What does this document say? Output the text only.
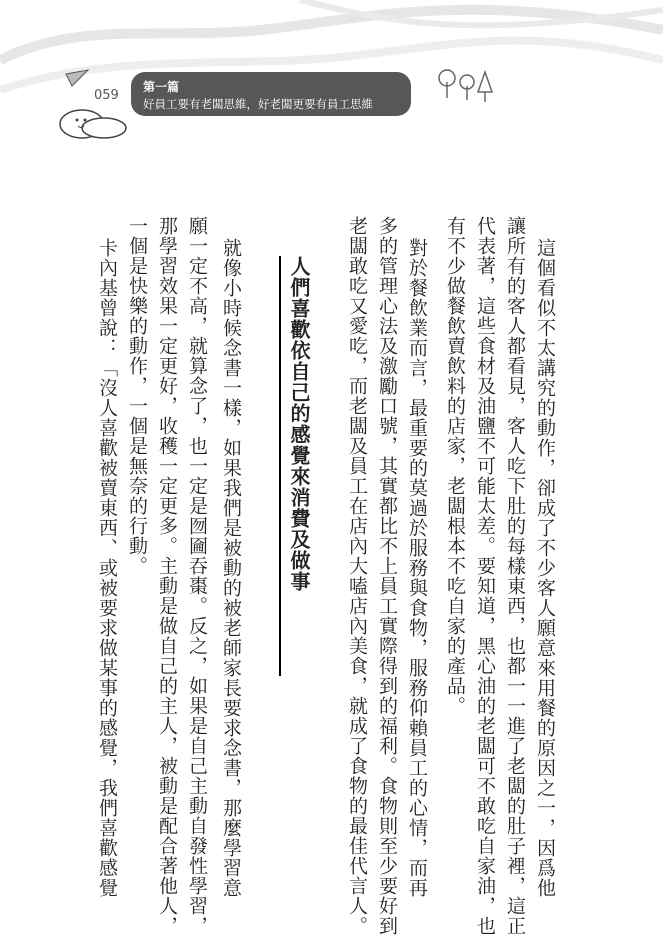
059
第一篇
好員工要有老闆思維，好老闆更要有員工思維
這個看似不太講究的動作，卻成了不少客人願意來用餐的原因之一，因爲他
讓所有的客人都看見，客人吃下肚的每樣東西，也都一一進了老闆的肚子裡，這正
代表著，這些食材及油鹽不可能太差。要知道，黑心油的老闆可不敢吃自家油，也
有不少做餐飲賣飲料的店家，老闆根本不吃自家的產品。
對於餐飲業而言，最重要的莫過於服務與食物，服務仰賴員工的心情，而再
多的管理心法及激勵口號，其實都比不上員工實際得到的福利。食物則至少要好到
老闆敢吃又愛吃，而老闆及員工在店內大嗑店內美食，就成了食物的最佳代言人。
就像小時候念書一樣，如果我們是被動的被老師家長要求念書，那麼學習意
願一定不高，就算念了，也一定是囫圇吞棗。反之，如果是自己主動自發性學習，
那學習效果一定更好，收穫一定更多。主動是做自己的主人，被動是配合著他人，
一個是快樂的動作，一個是無奈的行動。
卡內基曾說：「沒人喜歡被賣東西、或被要求做某事的感覺，我們喜歡感覺	人們喜歡依自己的感覺來消費及做事
